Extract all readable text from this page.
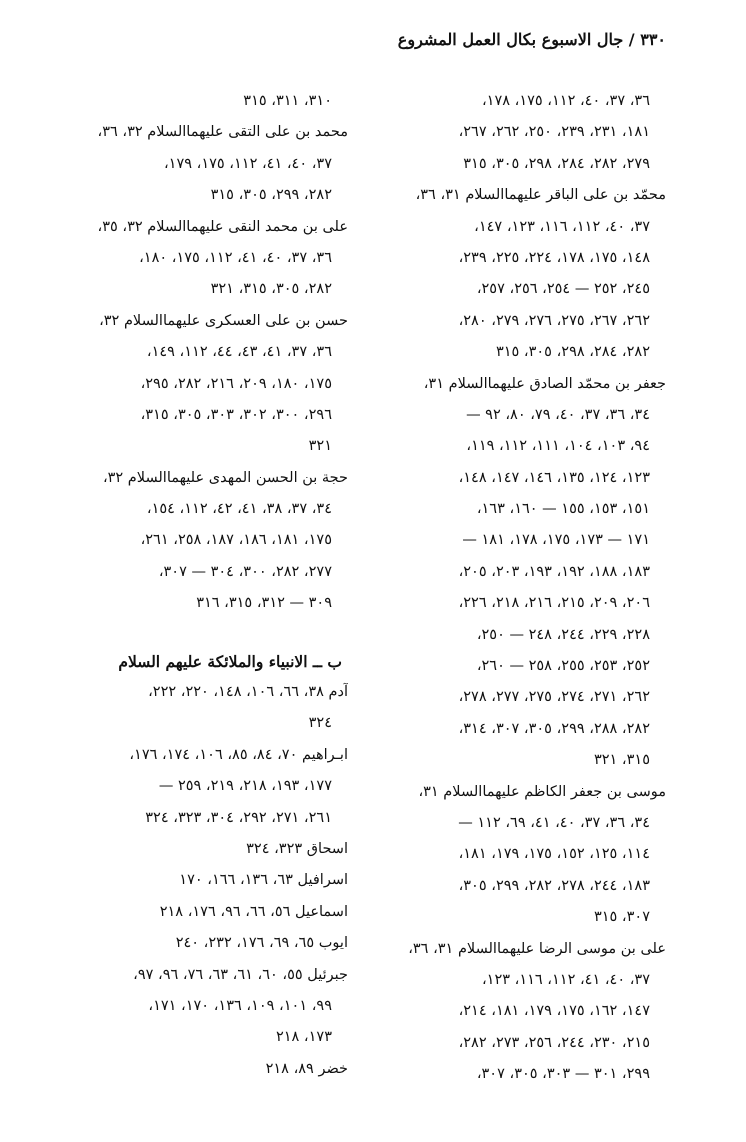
٣٣٠ / جال الاسبوع بكال العمل المشروع
٣٦، ٣٧، ٤٠، ١١٢، ١٧٥، ١٧٨،
١٨١، ٢٣١، ٢٣٩، ٢٥٠، ٢٦٢، ٢٦٧،
٢٧٩، ٢٨٢، ٢٨٤، ٢٩٨، ٣٠٥، ٣١٥
محمّد بن على الباقر عليهماالسلام ٣١، ٣٦،
٣٧، ٤٠، ١١٢، ١١٦، ١٢٣، ١٤٧،
١٤٨، ١٧٥، ١٧٨، ٢٢٤، ٢٢٥، ٢٣٩،
٢٤٥، ٢٥٢ — ٢٥٤، ٢٥٦، ٢٥٧،
٢٦٢، ٢٦٧، ٢٧٥، ٢٧٦، ٢٧٩، ٢٨٠،
٢٨٢، ٢٨٤، ٢٩٨، ٣٠٥، ٣١٥
جعفر بن محمّد الصادق عليهماالسلام ٣١،
٣٤، ٣٦، ٣٧، ٤٠، ٧٩، ٨٠، ٩٢ —
٩٤، ١٠٣، ١٠٤، ١١١، ١١٢، ١١٩،
١٢٣، ١٢٤، ١٣٥، ١٤٦، ١٤٧، ١٤٨،
١٥١، ١٥٣، ١٥٥ — ١٦٠، ١٦٣،
١٧١ — ١٧٣، ١٧٥، ١٧٨، ١٨١ —
١٨٣، ١٨٨، ١٩٢، ١٩٣، ٢٠٣، ٢٠٥،
٢٠٦، ٢٠٩، ٢١٥، ٢١٦، ٢١٨، ٢٢٦،
٢٢٨، ٢٢٩، ٢٤٤، ٢٤٨ — ٢٥٠،
٢٥٢، ٢٥٣، ٢٥٥، ٢٥٨ — ٢٦٠،
٢٦٢، ٢٧١، ٢٧٤، ٢٧٥، ٢٧٧، ٢٧٨،
٢٨٢، ٢٨٨، ٢٩٩، ٣٠٥، ٣٠٧، ٣١٤،
٣١٥، ٣٢١
موسى بن جعفر الكاظم عليهماالسلام ٣١،
٣٤، ٣٦، ٣٧، ٤٠، ٤١، ٦٩، ١١٢ —
١١٤، ١٢٥، ١٥٢، ١٧٥، ١٧٩، ١٨١،
١٨٣، ٢٤٤، ٢٧٨، ٢٨٢، ٢٩٩، ٣٠٥،
٣٠٧، ٣١٥
على بن موسى الرضا عليهماالسلام ٣١، ٣٦،
٣٧، ٤٠، ٤١، ١١٢، ١١٦، ١٢٣،
١٤٧، ١٦٢، ١٧٥، ١٧٩، ١٨١، ٢١٤،
٢١٥، ٢٣٠، ٢٤٤، ٢٥٦، ٢٧٣، ٢٨٢،
٢٩٩، ٣٠١ — ٣٠٣، ٣٠٥، ٣٠٧،
٣١٠، ٣١١، ٣١٥
محمد بن على التقى عليهماالسلام ٣٢، ٣٦،
٣٧، ٤٠، ٤١، ١١٢، ١٧٥، ١٧٩،
٢٨٢، ٢٩٩، ٣٠٥، ٣١٥
على بن محمد النقى عليهماالسلام ٣٢، ٣٥،
٣٦، ٣٧، ٤٠، ٤١، ١١٢، ١٧٥، ١٨٠،
٢٨٢، ٣٠٥، ٣١٥، ٣٢١
حسن بن على العسكرى عليهماالسلام ٣٢،
٣٦، ٣٧، ٤١، ٤٣، ٤٤، ١١٢، ١٤٩،
١٧٥، ١٨٠، ٢٠٩، ٢١٦، ٢٨٢، ٢٩٥،
٢٩٦، ٣٠٠، ٣٠٢، ٣٠٣، ٣٠٥، ٣١٥،
٣٢١
حجة بن الحسن المهدى عليهماالسلام ٣٢،
٣٤، ٣٧، ٣٨، ٤١، ٤٢، ١١٢، ١٥٤،
١٧٥، ١٨١، ١٨٦، ١٨٧، ٢٥٨، ٢٦١،
٢٧٧، ٢٨٢، ٣٠٠، ٣٠٤ — ٣٠٧،
٣٠٩ — ٣١٢، ٣١٥، ٣١٦
ب ــ الانبياء والملائكة عليهم السلام
آدم ٣٨، ٦٦، ١٠٦، ١٤٨، ٢٢٠، ٢٢٢،
٣٢٤
ابـراهيم ٧٠، ٨٤، ٨٥، ١٠٦، ١٧٤، ١٧٦،
١٧٧، ١٩٣، ٢١٨، ٢١٩، ٢٥٩ —
٢٦١، ٢٧١، ٢٩٢، ٣٠٤، ٣٢٣، ٣٢٤
اسحاق ٣٢٣، ٣٢٤
اسرافيل ٦٣، ١٣٦، ١٦٦، ١٧٠
اسماعيل ٥٦، ٦٦، ٩٦، ١٧٦، ٢١٨
ايوب ٦٥، ٦٩، ١٧٦، ٢٣٢، ٢٤٠
جبرئيل ٥٥، ٦٠، ٦١، ٦٣، ٧٦، ٩٦، ٩٧،
٩٩، ١٠١، ١٠٩، ١٣٦، ١٧٠، ١٧١،
١٧٣، ٢١٨
خضر ٨٩، ٢١٨
